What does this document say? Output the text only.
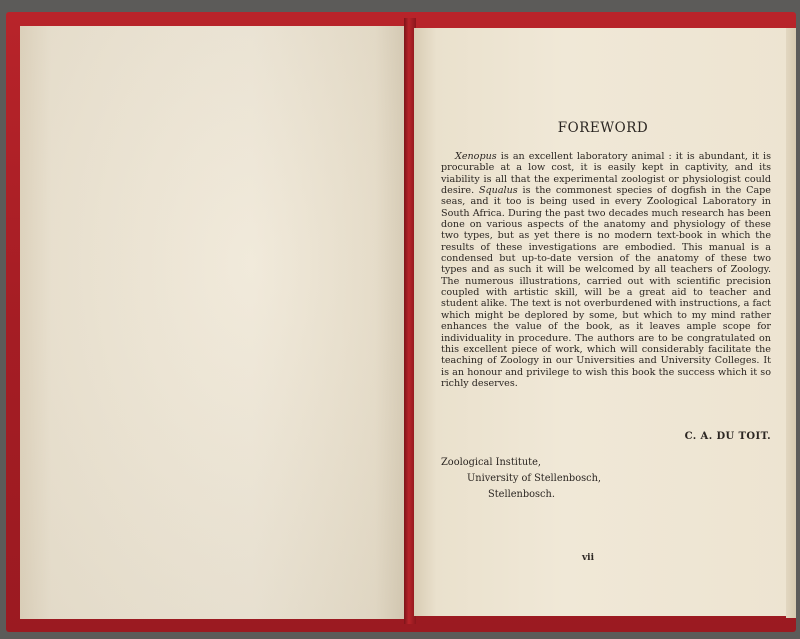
FOREWORD

Xenopus is an excellent laboratory animal : it is abundant, it is procurable at a low cost, it is easily kept in captivity, and its viability is all that the experimental zoologist or physiologist could desire. Squalus is the commonest species of dogfish in the Cape seas, and it too is being used in every Zoological Laboratory in South Africa. During the past two decades much research has been done on various aspects of the anatomy and physiology of these two types, but as yet there is no modern text-book in which the results of these investigations are embodied. This manual is a condensed but up-to-date version of the anatomy of these two types and as such it will be welcomed by all teachers of Zoology. The numerous illustrations, carried out with scientific precision coupled with artistic skill, will be a great aid to teacher and student alike. The text is not overburdened with instructions, a fact which might be deplored by some, but which to my mind rather enhances the value of the book, as it leaves ample scope for individuality in procedure. The authors are to be congratulated on this excellent piece of work, which will considerably facilitate the teaching of Zoology in our Universities and University Colleges. It is an honour and privilege to wish this book the success which it so richly deserves.

C. A. DU TOIT.
Zoological Institute,
University of Stellenbosch,
Stellenbosch.
vii
